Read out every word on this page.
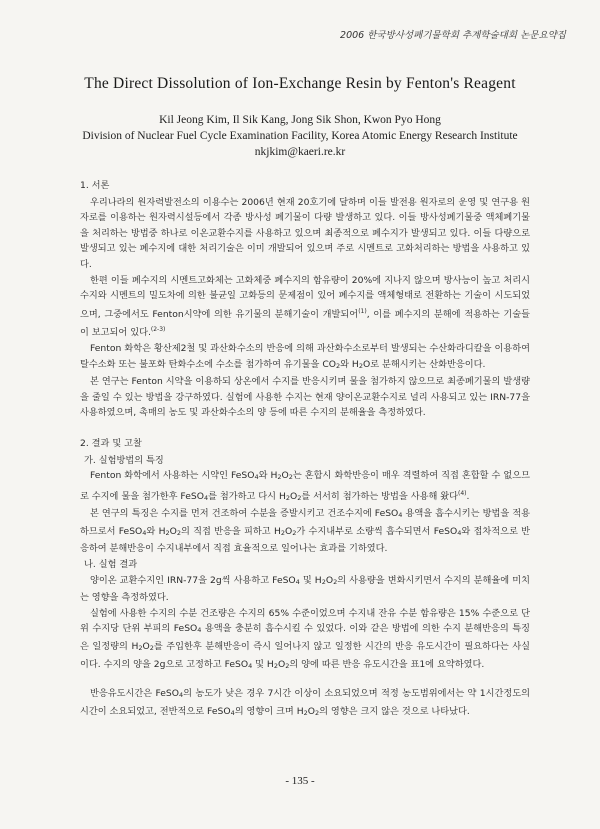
2006 한국방사성폐기물학회 추계학술대회 논문요약집
The Direct Dissolution of Ion-Exchange Resin by Fenton's Reagent
Kil Jeong Kim, Il Sik Kang, Jong Sik Shon, Kwon Pyo Hong
Division of Nuclear Fuel Cycle Examination Facility, Korea Atomic Energy Research Institute
nkjkim@kaeri.re.kr
1. 서론

우리나라의 원자력발전소의 이용수는 2006년 현재 20호기에 달하며 이들 발전용 원자로의 운영 및 연구용 원자로를 이용하는 원자력시설등에서 각종 방사성 폐기물이 다량 발생하고 있다. 이들 방사성폐기물중 액체폐기물을 처리하는 방법중 하나로 이온교환수지를 사용하고 있으며 최종적으로 폐수지가 발생되고 있다. 이들 다량으로 발생되고 있는 폐수지에 대한 처리기술은 이미 개발되어 있으며 주로 시멘트로 고화처리하는 방법을 사용하고 있다.

한편 이들 폐수지의 시멘트고화체는 고화체중 폐수지의 함유량이 20%에 지나지 않으며 방사능이 높고 처리시 수지와 시멘트의 밀도차에 의한 불균일 고화등의 문제점이 있어 폐수지를 액체형태로 전환하는 기술이 시도되었으며, 그중에서도 Fenton시약에 의한 유기물의 분해기술이 개발되어$^{(1)}$, 이를 폐수지의 분해에 적용하는 기술들이 보고되어 있다.$^{(2-3)}$

Fenton 화학은 황산제2철 및 과산화수소의 반응에 의해 과산화수소로부터 발생되는 수산화라디칼을 이용하여 탈수소화 또는 불포화 탄화수소에 수소를 첨가하여 유기물을 $CO_2$와 $H_2O$로 분해시키는 산화반응이다.

본 연구는 Fenton 시약을 이용하되 상온에서 수지를 반응시키며 물을 첨가하지 않으므로 최종폐기물의 발생량을 줄일 수 있는 방법을 강구하였다. 실험에 사용한 수지는 현재 양이온교환수지로 널리 사용되고 있는 IRN-77을 사용하였으며, 촉매의 농도 및 과산화수소의 양 등에 따른 수지의 분해율을 측정하였다.

2. 결과 및 고찰
가. 실험방법의 특징

Fenton 화학에서 사용하는 시약인 FeSO$_4$와 $H_2O_2$는 혼합시 화학반응이 매우 격렬하여 직접 혼합할 수 없으므로 수지에 물을 첨가한후 FeSO$_4$를 첨가하고 다시 $H_2O_2$를 서서히 첨가하는 방법을 사용해 왔다$^{(4)}$.

본 연구의 특징은 수지를 먼저 건조하여 수분을 증발시키고 건조수지에 FeSO$_4$ 용액을 흡수시키는 방법을 적용하므로서 FeSO$_4$와 $H_2O_2$의 직접 반응을 피하고 $H_2O_2$가 수지내부로 소량씩 흡수되면서 FeSO$_4$와 접차적으로 반응하여 분해반응이 수지내부에서 직접 효율적으로 일어나는 효과를 기하였다.

나. 실험 결과

양이온 교환수지인 IRN-77을 2g씩 사용하고 FeSO$_4$ 및 $H_2O_2$의 사용량을 변화시키면서 수지의 분해율에 미치는 영향을 측정하였다.

실험에 사용한 수지의 수분 건조량은 수지의 65% 수준이었으며 수지내 잔유 수분 함유량은 15% 수준으로 단위 수지당 단위 부피의 FeSO$_4$ 용액을 충분히 흡수시킬 수 있었다. 이와 같은 방법에 의한 수지 분해반응의 특징은 일정량의 $H_2O_2$를 주입한후 분해반응이 즉시 일어나지 않고 일정한 시간의 반응 유도시간이 필요하다는 사실이다. 수지의 양을 2g으로 고정하고 FeSO$_4$ 및 $H_2O_2$의 양에 따른 반응 유도시간을 표1에 요약하였다.

반응유도시간은 FeSO$_4$의 농도가 낮은 경우 7시간 이상이 소요되었으며 적정 농도범위에서는 약 1시간정도의 시간이 소요되었고, 전반적으로 FeSO$_4$의 영향이 크며 $H_2O_2$의 영향은 크지 않은 것으로 나타났다.

- 135 -
